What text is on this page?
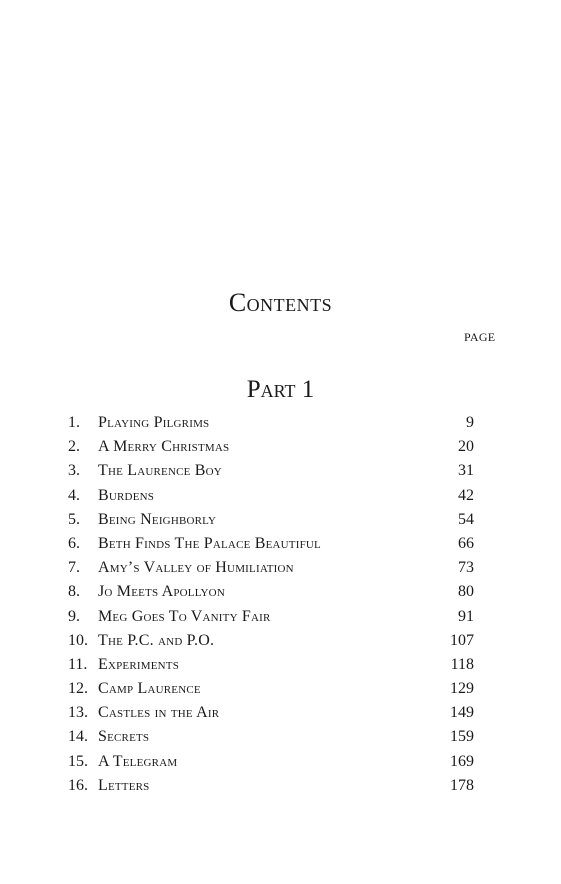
Contents
PAGE
Part 1
1.	Playing Pilgrims	9
2.	A Merry Christmas	20
3.	The Laurence Boy	31
4.	Burdens	42
5.	Being Neighborly	54
6.	Beth Finds The Palace Beautiful	66
7.	Amy’s Valley of Humiliation	73
8.	Jo Meets Apollyon	80
9.	Meg Goes To Vanity Fair	91
10. The P.C. and P.O.	107
11. Experiments	118
12. Camp Laurence	129
13. Castles in the Air	149
14. Secrets	159
15. A Telegram	169
16. Letters	178
